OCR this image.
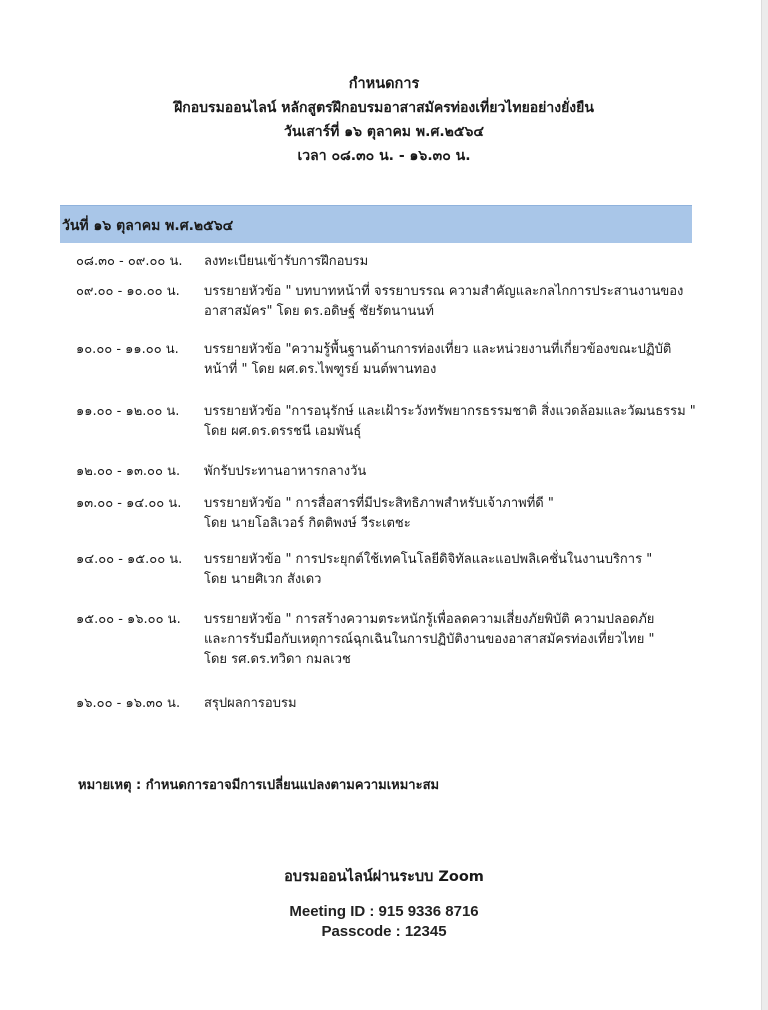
กำหนดการ
ฝึกอบรมออนไลน์ หลักสูตรฝึกอบรมอาสาสมัครท่องเที่ยวไทยอย่างยั่งยืน
วันเสาร์ที่ ๑๖ ตุลาคม พ.ศ.๒๕๖๔
เวลา ๐๘.๓๐ น. - ๑๖.๓๐ น.
วันที่ ๑๖ ตุลาคม พ.ศ.๒๕๖๔
๐๘.๓๐ - ๐๙.๐๐ น.	ลงทะเบียนเข้ารับการฝึกอบรม
๐๙.๐๐ - ๑๐.๐๐ น.	บรรยายหัวข้อ " บทบาทหน้าที่ จรรยาบรรณ ความสำคัญและกลไกการประสานงานของ
อาสาสมัคร" โดย ดร.อดิษฐ์ ชัยรัตนานนท์
๑๐.๐๐ - ๑๑.๐๐ น.	บรรยายหัวข้อ "ความรู้พื้นฐานด้านการท่องเที่ยว และหน่วยงานที่เกี่ยวข้องขณะปฏิบัติ
หน้าที่ " โดย ผศ.ดร.ไพฑูรย์ มนต์พานทอง
๑๑.๐๐ - ๑๒.๐๐ น.	บรรยายหัวข้อ "การอนุรักษ์ และเฝ้าระวังทรัพยากรธรรมชาติ สิ่งแวดล้อมและวัฒนธรรม "
โดย ผศ.ดร.ดรรชนี เอมพันธุ์
๑๒.๐๐ - ๑๓.๐๐ น.	พักรับประทานอาหารกลางวัน
๑๓.๐๐ - ๑๔.๐๐ น.	บรรยายหัวข้อ " การสื่อสารที่มีประสิทธิภาพสำหรับเจ้าภาพที่ดี "
โดย นายโอลิเวอร์ กิตติพงษ์ วีระเตชะ
๑๔.๐๐ - ๑๕.๐๐ น.	บรรยายหัวข้อ " การประยุกต์ใช้เทคโนโลยีดิจิทัลและแอปพลิเคชั่นในงานบริการ "
โดย นายศิเวก สังเดว
๑๕.๐๐ - ๑๖.๐๐ น.	บรรยายหัวข้อ " การสร้างความตระหนักรู้เพื่อลดความเสี่ยงภัยพิบัติ ความปลอดภัย
และการรับมือกับเหตุการณ์ฉุกเฉินในการปฏิบัติงานของอาสาสมัครท่องเที่ยวไทย "
โดย รศ.ดร.ทวิดา กมลเวช
๑๖.๐๐ - ๑๖.๓๐ น.	สรุปผลการอบรม
หมายเหตุ : กำหนดการอาจมีการเปลี่ยนแปลงตามความเหมาะสม
อบรมออนไลน์ผ่านระบบ Zoom
Meeting ID : 915 9336 8716
Passcode : 12345
